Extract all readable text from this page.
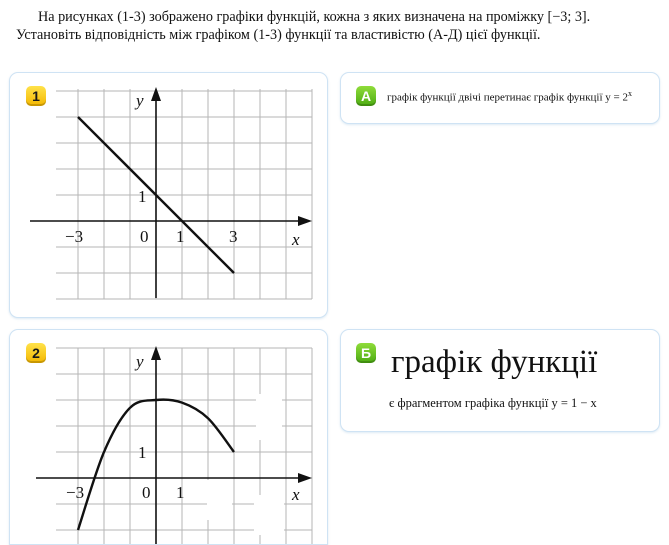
На рисунках (1-3) зображено графіки функцій, кожна з яких визначена на проміжку [−3; 3].

Установіть відповідність між графіком (1-3) функції та властивістю (А-Д) цієї функції.

1	y
x
0
−3	1	3
1
2	y
x
0
−3	1
1
А	графік функції двічі перетинає графік функції $y = 2^x$
Б графік функції
є фрагментом графіка функції y = 1 − x
